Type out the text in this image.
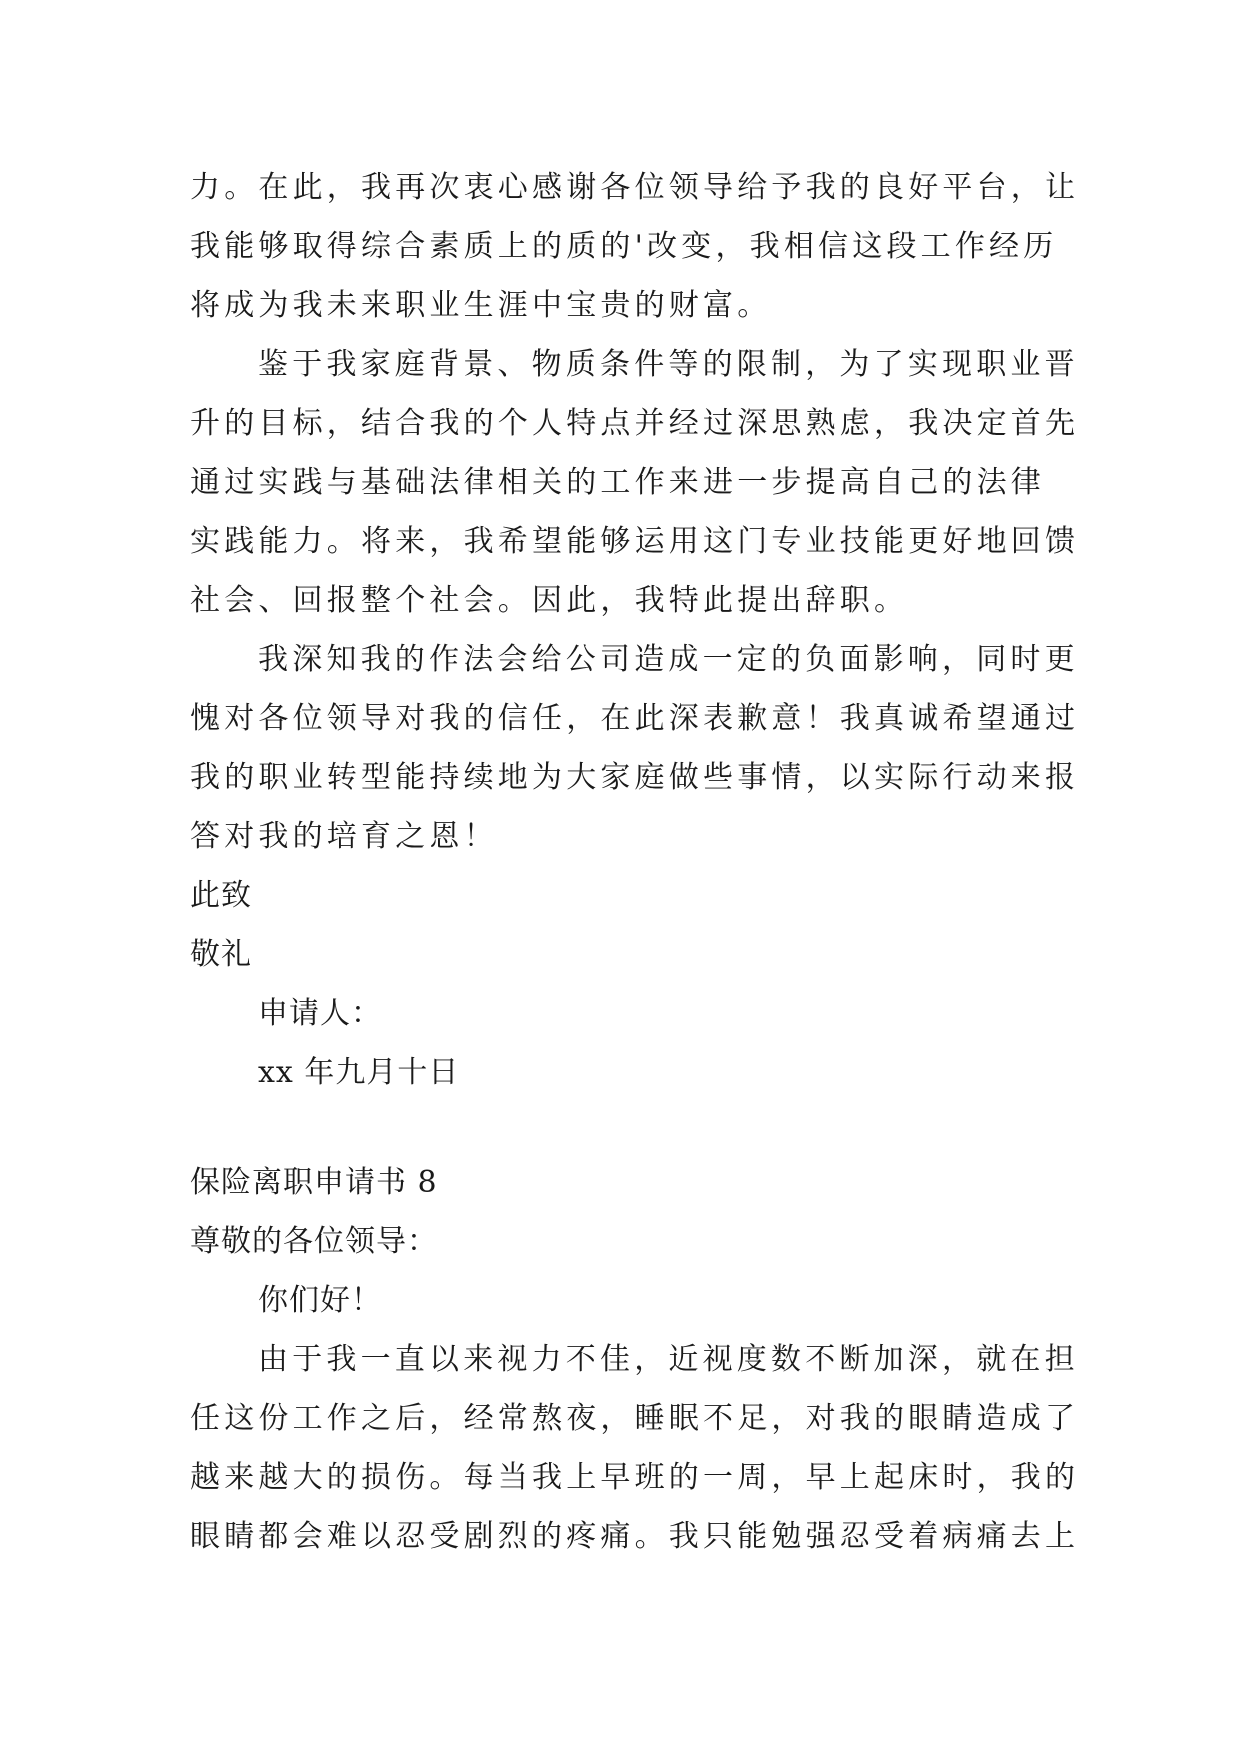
力。在此，我再次衷心感谢各位领导给予我的良好平台，让
我能够取得综合素质上的质的'改变，我相信这段工作经历
将成为我未来职业生涯中宝贵的财富。
鉴于我家庭背景、物质条件等的限制，为了实现职业晋
升的目标，结合我的个人特点并经过深思熟虑，我决定首先
通过实践与基础法律相关的工作来进一步提高自己的法律
实践能力。将来，我希望能够运用这门专业技能更好地回馈
社会、回报整个社会。因此，我特此提出辞职。
我深知我的作法会给公司造成一定的负面影响，同时更
愧对各位领导对我的信任，在此深表歉意！我真诚希望通过
我的职业转型能持续地为大家庭做些事情，以实际行动来报
答对我的培育之恩！
此致
敬礼
申请人：
xx 年九月十日
保险离职申请书 8
尊敬的各位领导：
你们好！
由于我一直以来视力不佳，近视度数不断加深，就在担
任这份工作之后，经常熬夜，睡眠不足，对我的眼睛造成了
越来越大的损伤。每当我上早班的一周，早上起床时，我的
眼睛都会难以忍受剧烈的疼痛。我只能勉强忍受着病痛去上
